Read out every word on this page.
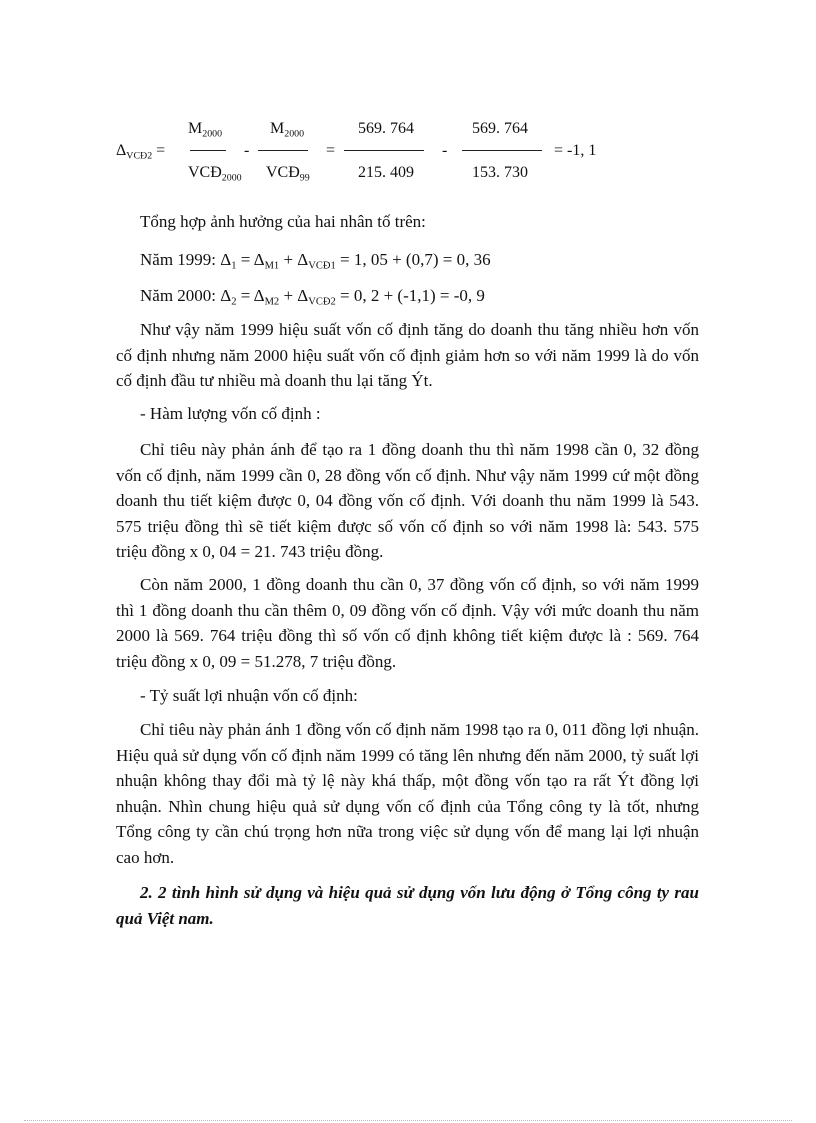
$\Delta_{VCĐ2}$ =
$M_{2000}$
$VCĐ_{2000}$
-
$M_{2000}$
$VCĐ_{99}$
=
569. 764
215. 409
-
569. 764
153. 730
= -1, 1

Tổng hợp ảnh hưởng của hai nhân tố trên:

Năm 1999: $\Delta_1 = \Delta_{M1} + \Delta_{VCĐ1} = 1$, 05 + (0,7) = 0, 36

Năm 2000: $\Delta_2 = \Delta_{M2} + \Delta_{VCĐ2} = 0$, 2 + (-1,1) = -0, 9

Như vậy năm 1999 hiệu suất vốn cố định tăng do doanh thu tăng nhiều hơn vốn cố định nhưng năm 2000 hiệu suất vốn cố định giảm hơn so với năm 1999 là do vốn cố định đầu tư nhiều mà doanh thu lại tăng Ýt.

- Hàm lượng vốn cố định :

Chỉ tiêu này phản ánh để tạo ra 1 đồng doanh thu thì năm 1998 cần 0, 32 đồng vốn cố định, năm 1999 cần 0, 28 đồng vốn cố định. Như vậy năm 1999 cứ một đồng doanh thu tiết kiệm được 0, 04 đồng vốn cố định. Với doanh thu năm 1999 là 543. 575 triệu đồng thì sẽ tiết kiệm được số vốn cố định so với năm 1998 là: 543. 575 triệu đồng x 0, 04 = 21. 743 triệu đồng.

Còn năm 2000, 1 đồng doanh thu cần 0, 37 đồng vốn cố định, so với năm 1999 thì 1 đồng doanh thu cần thêm 0, 09 đồng vốn cố định. Vậy với mức doanh thu năm 2000 là 569. 764 triệu đồng thì số vốn cố định không tiết kiệm được là : 569. 764 triệu đồng x 0, 09 = 51.278, 7 triệu đồng.

- Tỷ suất lợi nhuận vốn cố định:

Chỉ tiêu này phản ánh 1 đồng vốn cố định năm 1998 tạo ra 0, 011 đồng lợi nhuận. Hiệu quả sử dụng vốn cố định năm 1999 có tăng lên nhưng đến năm 2000, tỷ suất lợi nhuận không thay đổi mà tỷ lệ này khá thấp, một đồng vốn tạo ra rất Ýt đồng lợi nhuận. Nhìn chung hiệu quả sử dụng vốn cố định của Tổng công ty là tốt, nhưng Tổng công ty cần chú trọng hơn nữa trong việc sử dụng vốn để mang lại lợi nhuận cao hơn.

2. 2 tình hình sử dụng và hiệu quả sử dụng vốn lưu động ở Tổng công ty rau quả Việt nam.
